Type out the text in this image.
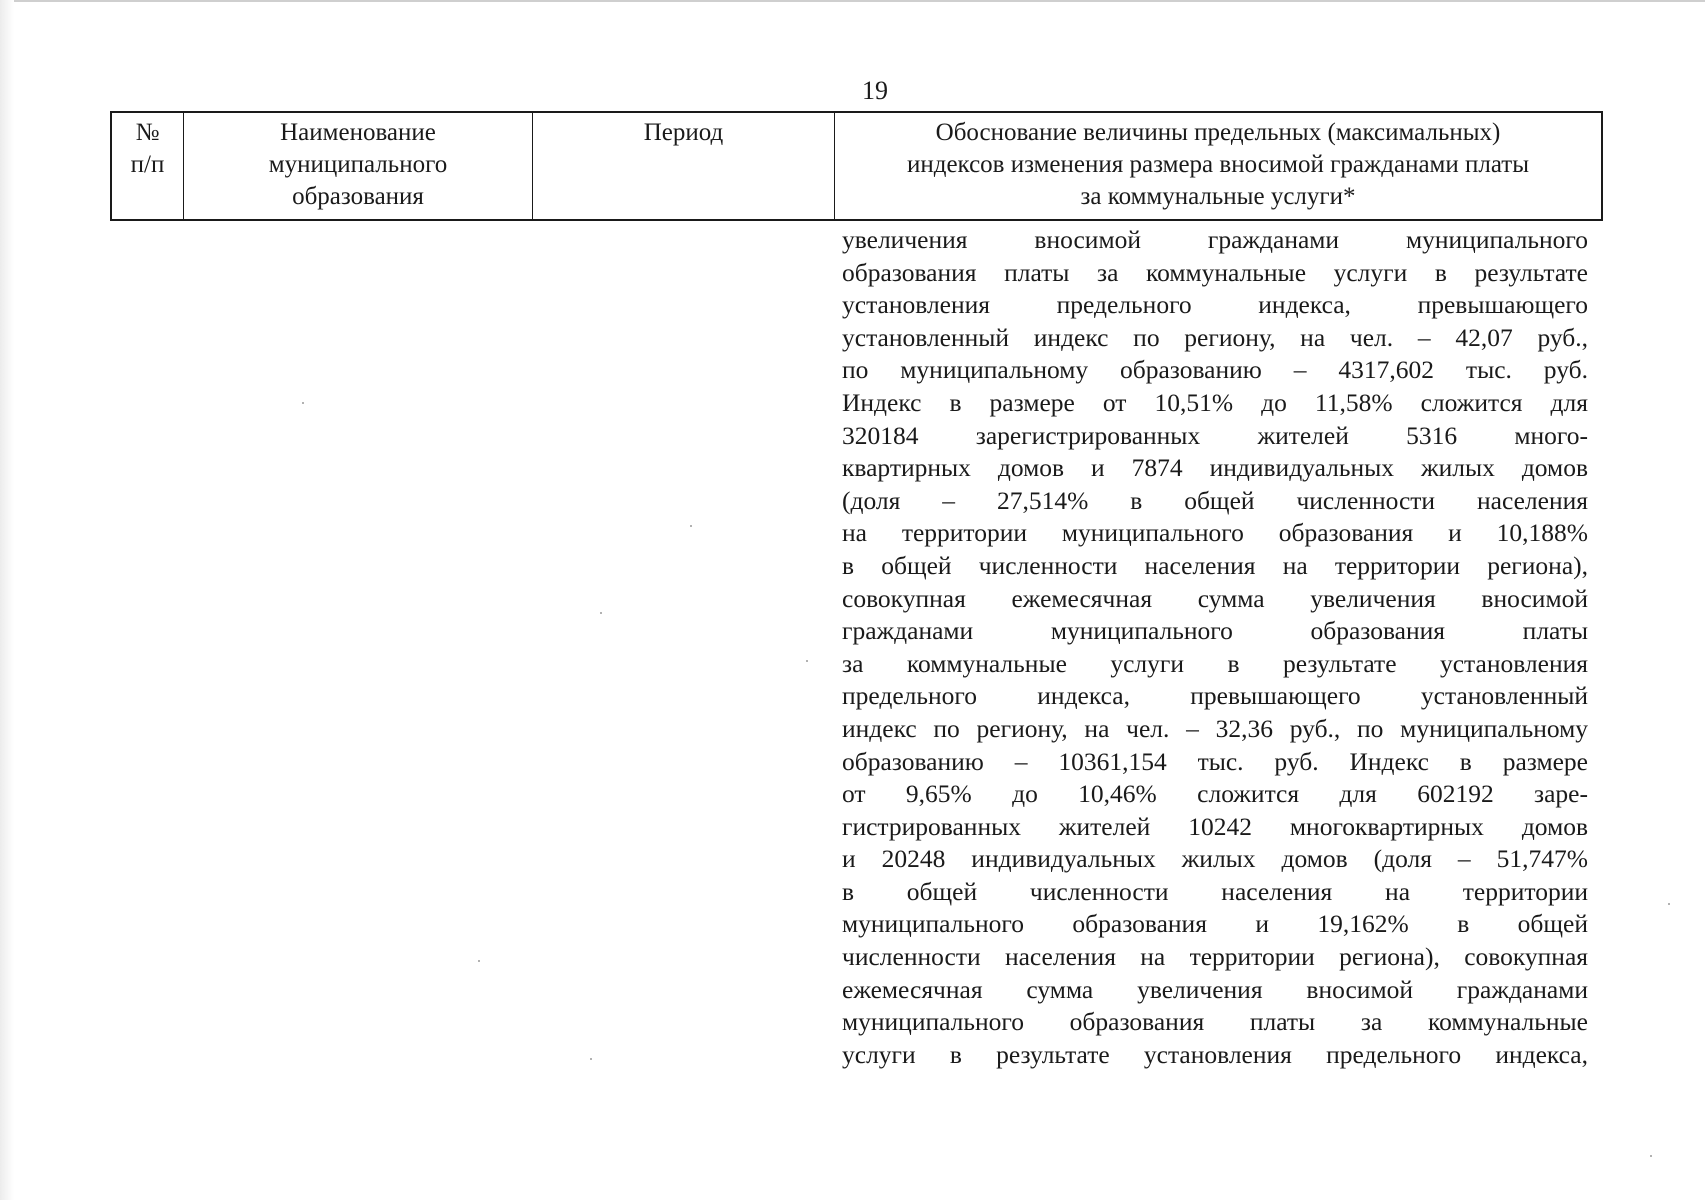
19
№
п/п
Наименование
муниципального
образования
Период	Обоснование величины предельных (максимальных)
индексов изменения размера вносимой гражданами платы
за коммунальные услуги*
увеличения вносимой гражданами муниципального
образования платы за коммунальные услуги в результате
установления предельного индекса, превышающего
установленный индекс по региону, на чел. – 42,07 руб.,
по муниципальному образованию – 4317,602 тыс. руб.
Индекс в размере от 10,51% до 11,58% сложится для
320184 зарегистрированных жителей 5316 много-
квартирных домов и 7874 индивидуальных жилых домов
(доля – 27,514% в общей численности населения
на территории муниципального образования и 10,188%
в общей численности населения на территории региона),
совокупная ежемесячная сумма увеличения вносимой
гражданами муниципального образования платы
за коммунальные услуги в результате установления
предельного индекса, превышающего установленный
индекс по региону, на чел. – 32,36 руб., по муниципальному
образованию – 10361,154 тыс. руб. Индекс в размере
от 9,65% до 10,46% сложится для 602192 заре-
гистрированных жителей 10242 многоквартирных домов
и 20248 индивидуальных жилых домов (доля – 51,747%
в общей численности населения на территории
муниципального образования и 19,162% в общей
численности населения на территории региона), совокупная
ежемесячная сумма увеличения вносимой гражданами
муниципального образования платы за коммунальные
услуги в результате установления предельного индекса,
